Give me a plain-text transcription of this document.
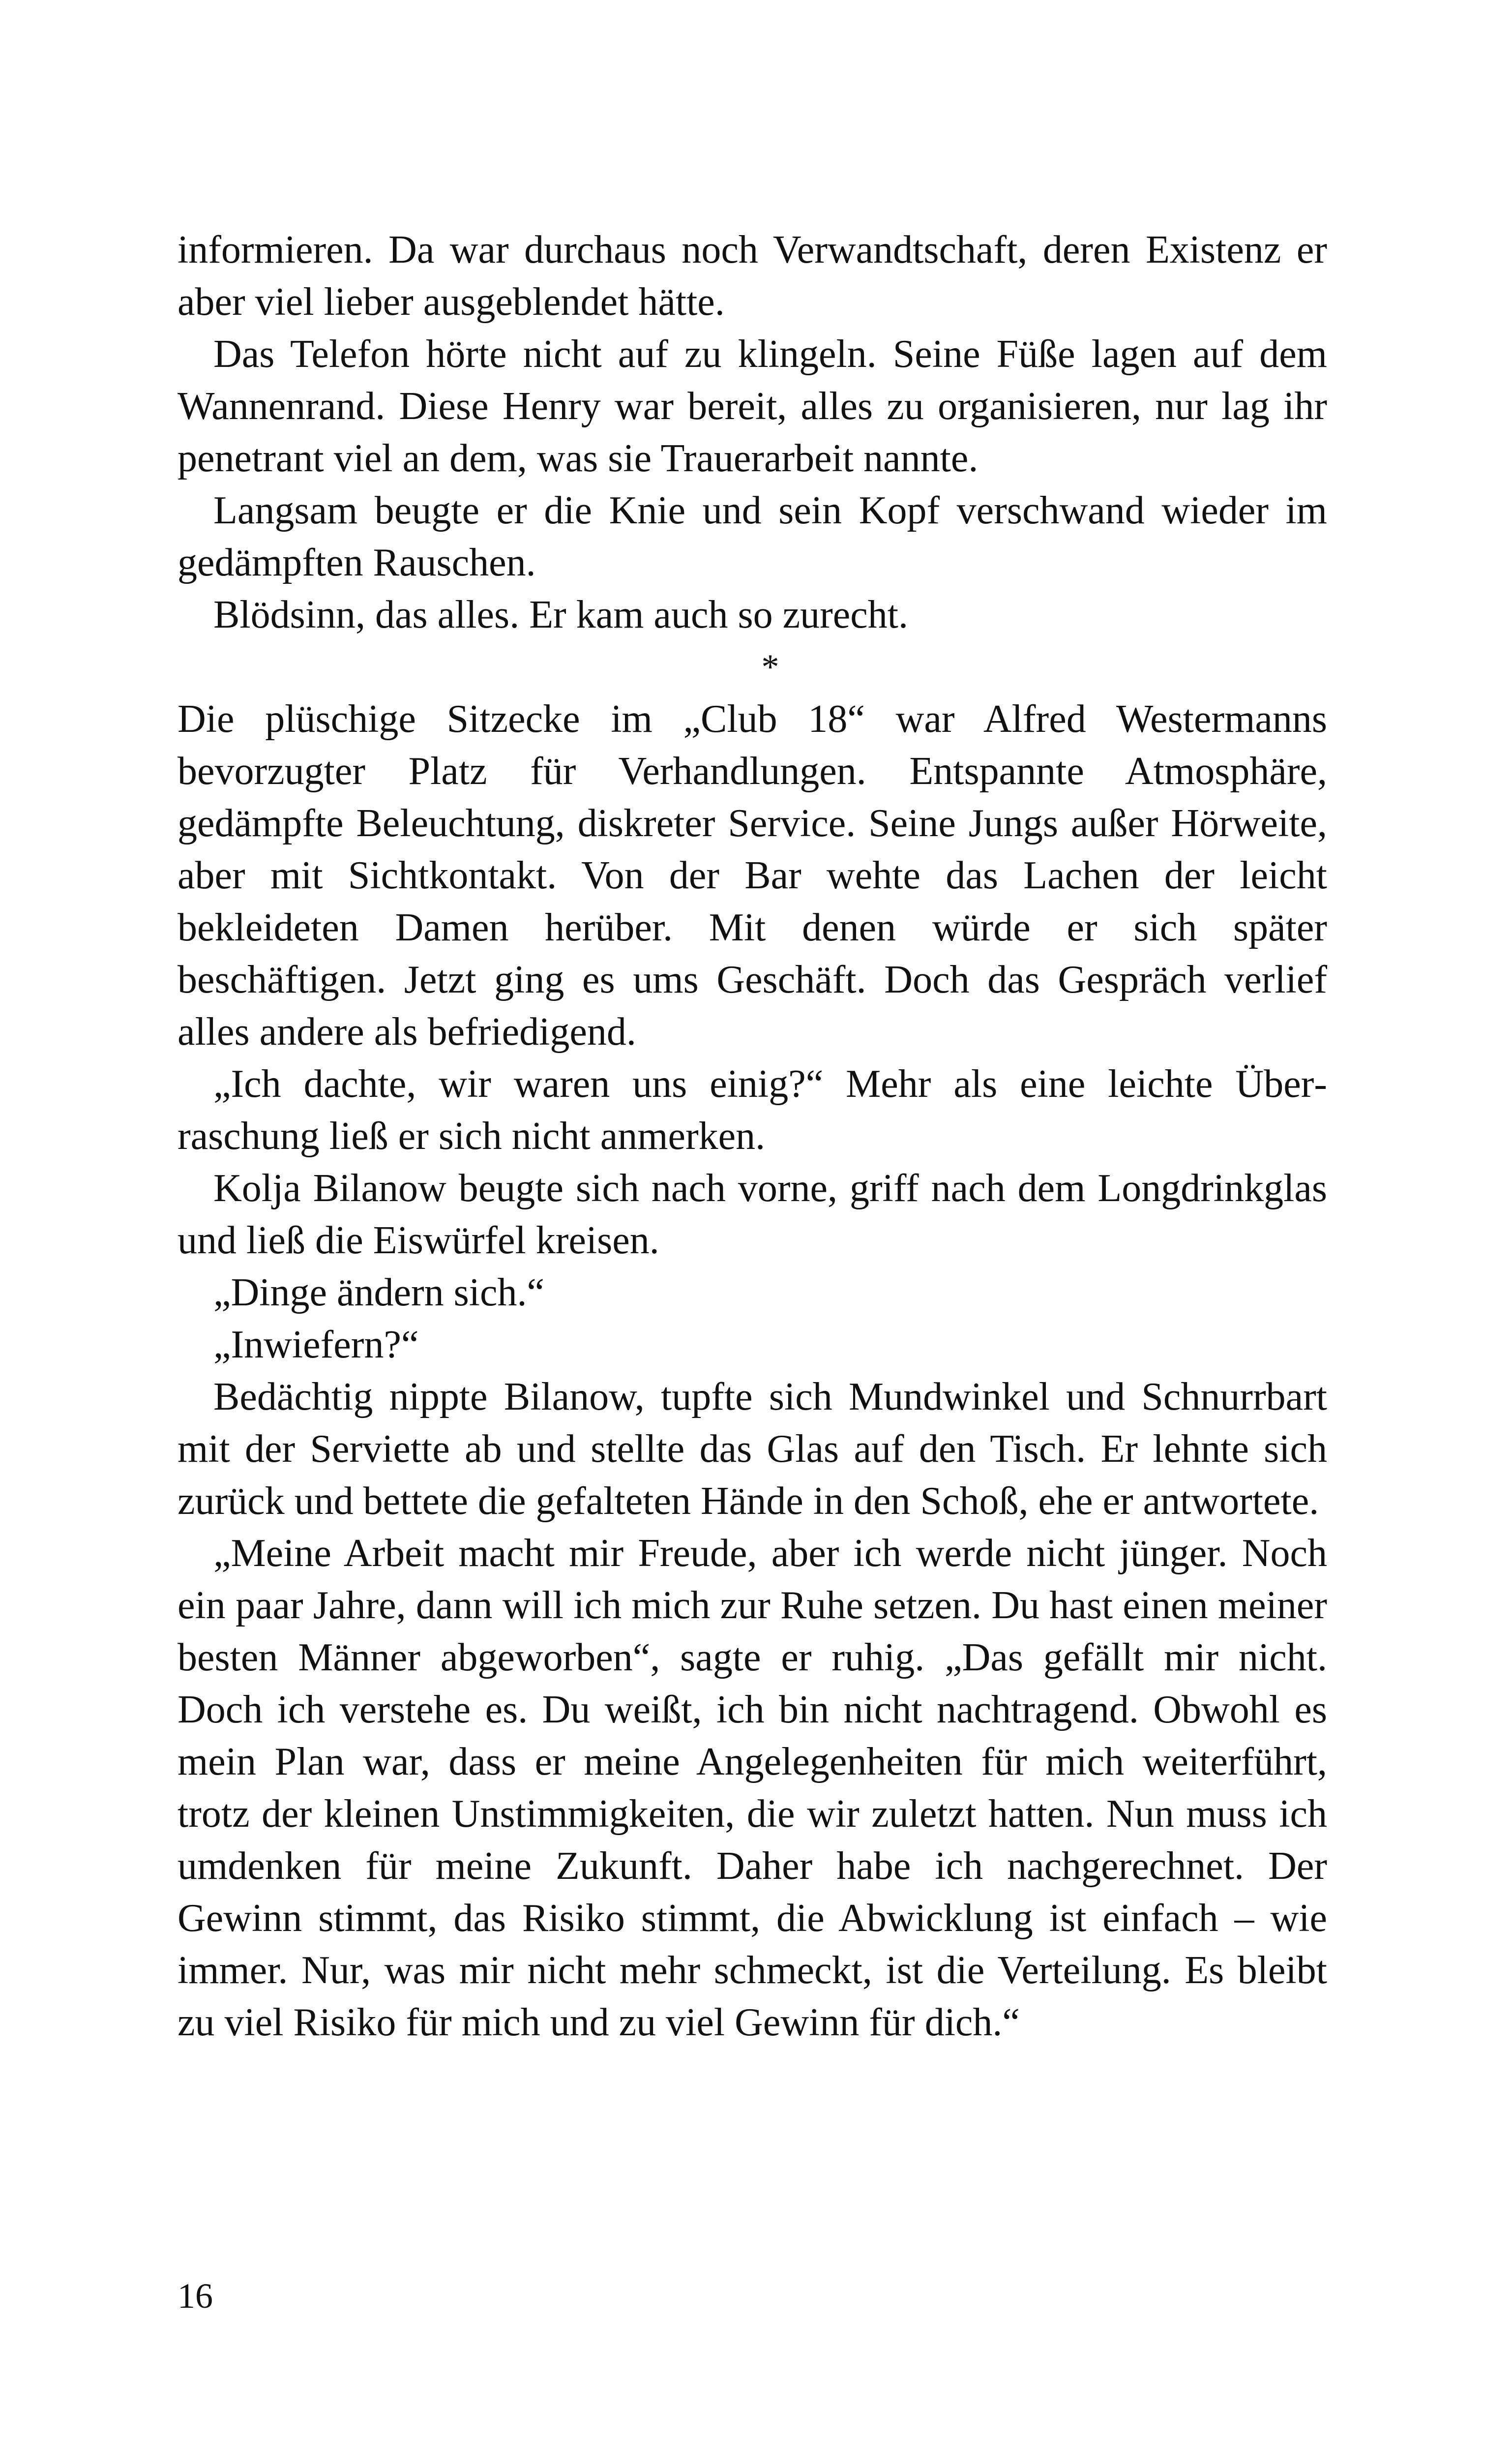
informieren. Da war durchaus noch Verwandtschaft, deren Existenz er aber viel lieber ausgeblendet hätte.

Das Telefon hörte nicht auf zu klingeln. Seine Füße lagen auf dem Wannenrand. Diese Henry war bereit, alles zu organisieren, nur lag ihr penetrant viel an dem, was sie Trauerarbeit nannte.

Langsam beugte er die Knie und sein Kopf verschwand wieder im gedämpften Rauschen.

Blödsinn, das alles. Er kam auch so zurecht.

*

Die plüschige Sitzecke im „Club 18“ war Alfred Westermanns bevorzugter Platz für Verhandlungen. Entspannte Atmosphäre, gedämpfte Beleuchtung, diskreter Service. Seine Jungs außer Hörweite, aber mit Sichtkontakt. Von der Bar wehte das Lachen der leicht bekleideten Damen herüber. Mit denen würde er sich später beschäftigen. Jetzt ging es ums Geschäft. Doch das Gespräch verlief alles andere als befriedigend.

„Ich dachte, wir waren uns einig?“ Mehr als eine leichte Überraschung ließ er sich nicht anmerken.

Kolja Bilanow beugte sich nach vorne, griff nach dem Longdrinkglas und ließ die Eiswürfel kreisen.

„Dinge ändern sich.“

„Inwiefern?“

Bedächtig nippte Bilanow, tupfte sich Mundwinkel und Schnurrbart mit der Serviette ab und stellte das Glas auf den Tisch. Er lehnte sich zurück und bettete die gefalteten Hände in den Schoß, ehe er antwortete.

„Meine Arbeit macht mir Freude, aber ich werde nicht jünger. Noch ein paar Jahre, dann will ich mich zur Ruhe setzen. Du hast einen meiner besten Männer abgeworben“, sagte er ruhig. „Das gefällt mir nicht. Doch ich verstehe es. Du weißt, ich bin nicht nachtragend. Obwohl es mein Plan war, dass er meine Angelegenheiten für mich weiterführt, trotz der kleinen Unstimmigkeiten, die wir zuletzt hatten. Nun muss ich umdenken für meine Zukunft. Daher habe ich nachgerechnet. Der Gewinn stimmt, das Risiko stimmt, die Abwicklung ist einfach – wie immer. Nur, was mir nicht mehr schmeckt, ist die Verteilung. Es bleibt zu viel Risiko für mich und zu viel Gewinn für dich.“

16
